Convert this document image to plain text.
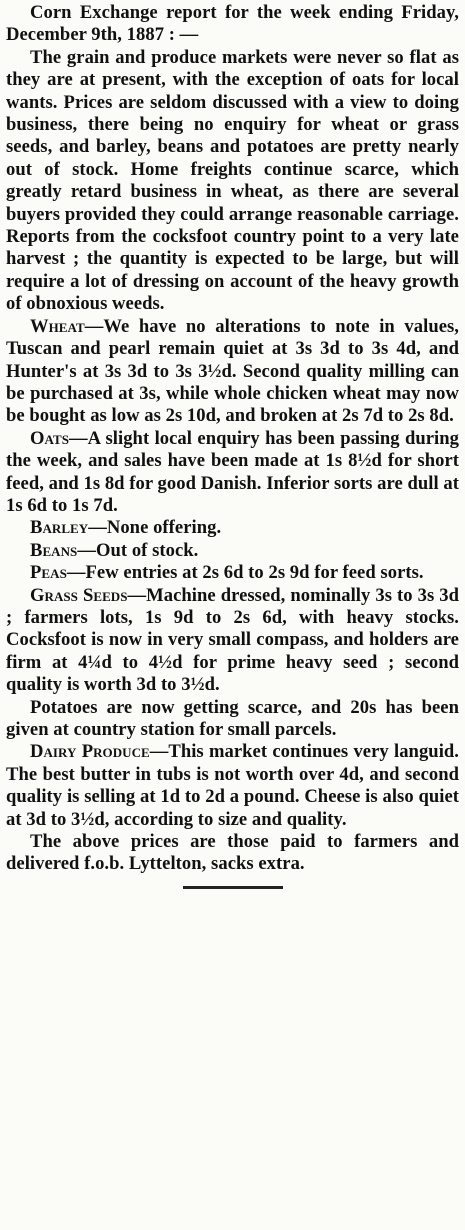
Corn Exchange report for the week ending Friday, December 9th, 1887 : —

The grain and produce markets were never so flat as they are at present, with the exception of oats for local wants. Prices are seldom discussed with a view to doing business, there being no enquiry for wheat or grass seeds, and barley, beans and potatoes are pretty nearly out of stock. Home freights continue scarce, which greatly retard business in wheat, as there are several buyers provided they could arrange reasonable carriage. Reports from the cocksfoot country point to a very late harvest ; the quantity is expected to be large, but will require a lot of dressing on account of the heavy growth of obnoxious weeds.

Wheat—We have no alterations to note in values, Tuscan and pearl remain quiet at 3s 3d to 3s 4d, and Hunter's at 3s 3d to 3s 3½d. Second quality milling can be purchased at 3s, while whole chicken wheat may now be bought as low as 2s 10d, and broken at 2s 7d to 2s 8d.

Oats—A slight local enquiry has been passing during the week, and sales have been made at 1s 8½d for short feed, and 1s 8d for good Danish. Inferior sorts are dull at 1s 6d to 1s 7d.

Barley—None offering.

Beans—Out of stock.

Peas—Few entries at 2s 6d to 2s 9d for feed sorts.

Grass Seeds—Machine dressed, nominally 3s to 3s 3d ; farmers lots, 1s 9d to 2s 6d, with heavy stocks. Cocksfoot is now in very small compass, and holders are firm at 4¼d to 4½d for prime heavy seed ; second quality is worth 3d to 3½d.

Potatoes are now getting scarce, and 20s has been given at country station for small parcels.

Dairy Produce—This market continues very languid. The best butter in tubs is not worth over 4d, and second quality is selling at 1d to 2d a pound. Cheese is also quiet at 3d to 3½d, according to size and quality.

The above prices are those paid to farmers and delivered f.o.b. Lyttelton, sacks extra.
